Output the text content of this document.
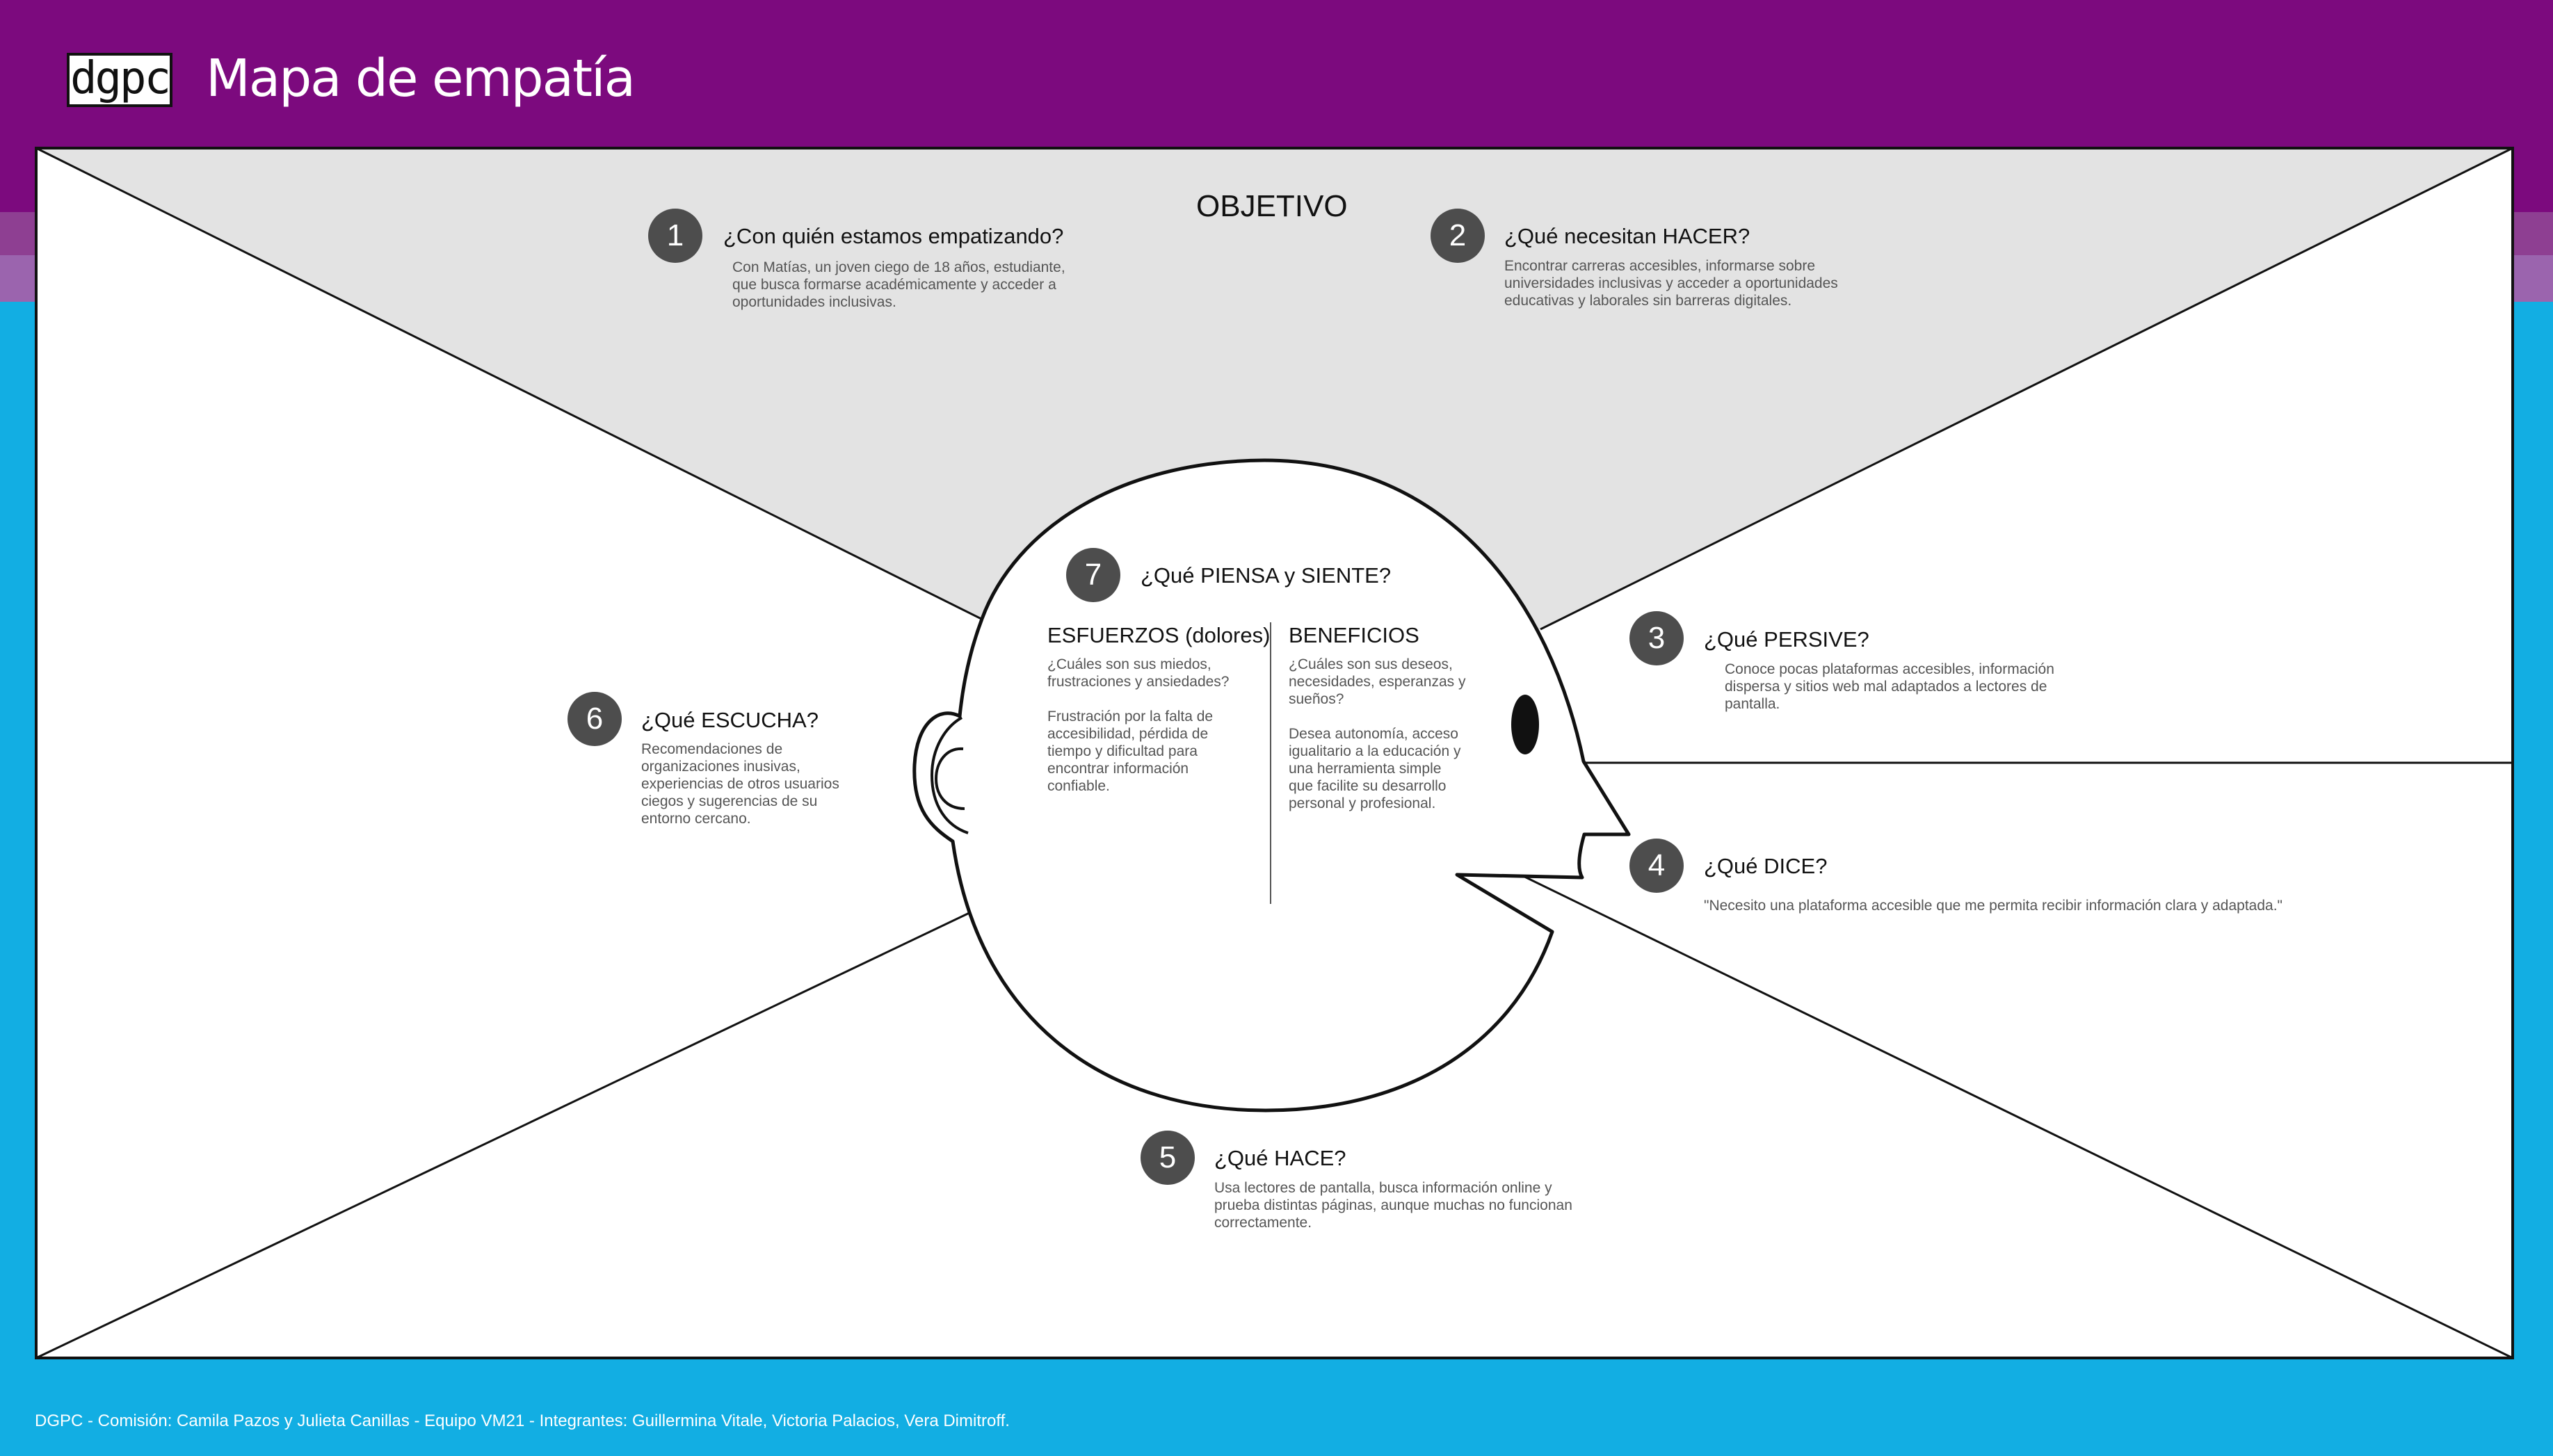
dgpc Mapa de empatía
OBJETIVO
1	¿Con quién estamos empatizando?
Con Matías, un joven ciego de 18 años, estudiante, que busca formarse académicamente y acceder a oportunidades inclusivas.
2	¿Qué necesitan HACER?
Encontrar carreras accesibles, informarse sobre universidades inclusivas y acceder a oportunidades educativas y laborales sin barreras digitales.
3	¿Qué PERSIVE?
Conoce pocas plataformas accesibles, información dispersa y sitios web mal adaptados a lectores de pantalla.
4	¿Qué DICE?
"Necesito una plataforma accesible que me permita recibir información clara y adaptada."
5	¿Qué HACE?
Usa lectores de pantalla, busca información online y prueba distintas páginas, aunque muchas no funcionan correctamente.
6	¿Qué ESCUCHA?
Recomendaciones de organizaciones inusivas, experiencias de otros usuarios ciegos y sugerencias de su entorno cercano.
7	¿Qué PIENSA y SIENTE?
ESFUERZOS (dolores)
¿Cuáles son sus miedos, frustraciones y ansiedades?
Frustración por la falta de accesibilidad, pérdida de tiempo y dificultad para encontrar información confiable.
BENEFICIOS
¿Cuáles son sus deseos, necesidades, esperanzas y sueños?
Desea autonomía, acceso igualitario a la educación y una herramienta simple que facilite su desarrollo personal y profesional.
DGPC - Comisión: Camila Pazos y Julieta Canillas - Equipo VM21 - Integrantes: Guillermina Vitale, Victoria Palacios, Vera Dimitroff.
